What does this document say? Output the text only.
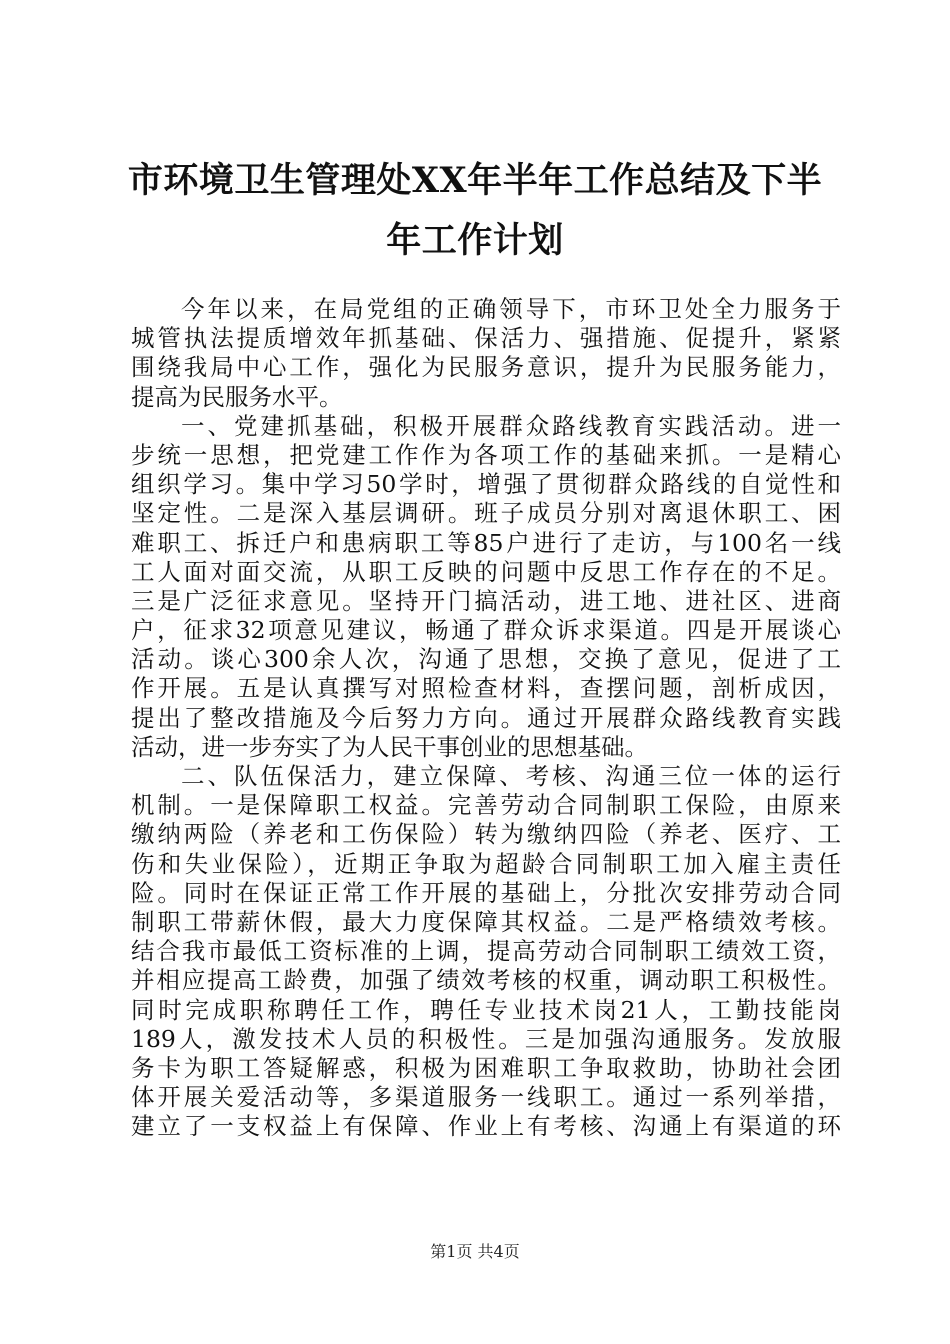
市环境卫生管理处XX年半年工作总结及下半
年工作计划
今年以来，在局党组的正确领导下，市环卫处全力服务于
城管执法提质增效年抓基础、保活力、强措施、促提升，紧紧
围绕我局中心工作，强化为民服务意识，提升为民服务能力，
提高为民服务水平。
一、党建抓基础，积极开展群众路线教育实践活动。进一
步统一思想，把党建工作作为各项工作的基础来抓。一是精心
组织学习。集中学习50学时，增强了贯彻群众路线的自觉性和
坚定性。二是深入基层调研。班子成员分别对离退休职工、困
难职工、拆迁户和患病职工等85户进行了走访，与100名一线
工人面对面交流，从职工反映的问题中反思工作存在的不足。
三是广泛征求意见。坚持开门搞活动，进工地、进社区、进商
户，征求32项意见建议，畅通了群众诉求渠道。四是开展谈心
活动。谈心300余人次，沟通了思想，交换了意见，促进了工
作开展。五是认真撰写对照检查材料，查摆问题，剖析成因，
提出了整改措施及今后努力方向。通过开展群众路线教育实践
活动，进一步夯实了为人民干事创业的思想基础。
二、队伍保活力，建立保障、考核、沟通三位一体的运行
机制。一是保障职工权益。完善劳动合同制职工保险，由原来
缴纳两险（养老和工伤保险）转为缴纳四险（养老、医疗、工
伤和失业保险），近期正争取为超龄合同制职工加入雇主责任
险。同时在保证正常工作开展的基础上，分批次安排劳动合同
制职工带薪休假，最大力度保障其权益。二是严格绩效考核。
结合我市最低工资标准的上调，提高劳动合同制职工绩效工资，
并相应提高工龄费，加强了绩效考核的权重，调动职工积极性。
同时完成职称聘任工作，聘任专业技术岗21人，工勤技能岗
189人，激发技术人员的积极性。三是加强沟通服务。发放服
务卡为职工答疑解惑，积极为困难职工争取救助，协助社会团
体开展关爱活动等，多渠道服务一线职工。通过一系列举措，
建立了一支权益上有保障、作业上有考核、沟通上有渠道的环
第1页 共4页
